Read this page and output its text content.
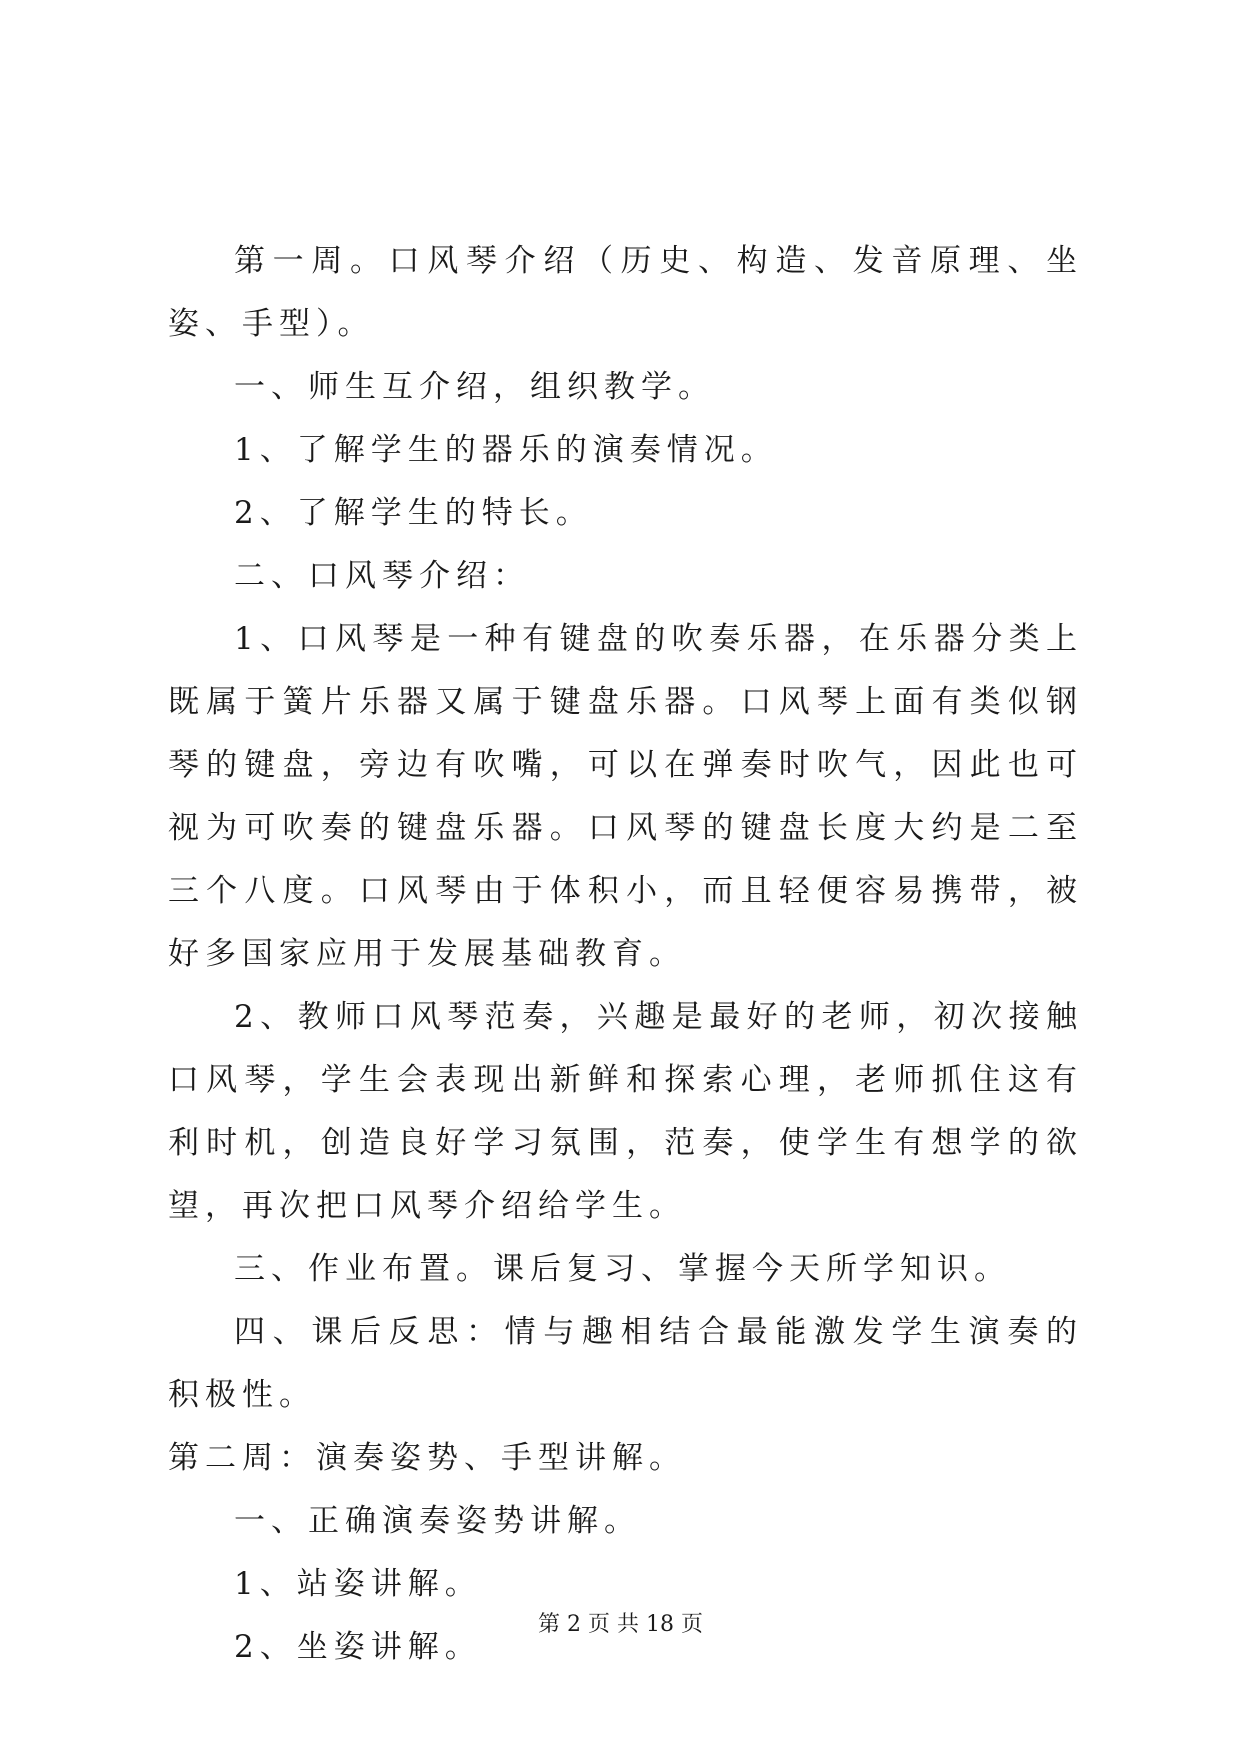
第一周。口风琴介绍（历史、构造、发音原理、坐姿、手型）。

一、师生互介绍，组织教学。

1、了解学生的器乐的演奏情况。

2、了解学生的特长。

二、口风琴介绍：

1、口风琴是一种有键盘的吹奏乐器，在乐器分类上既属于簧片乐器又属于键盘乐器。口风琴上面有类似钢琴的键盘，旁边有吹嘴，可以在弹奏时吹气，因此也可视为可吹奏的键盘乐器。口风琴的键盘长度大约是二至三个八度。口风琴由于体积小，而且轻便容易携带，被好多国家应用于发展基础教育。

2、教师口风琴范奏，兴趣是最好的老师，初次接触口风琴，学生会表现出新鲜和探索心理，老师抓住这有利时机，创造良好学习氛围，范奏，使学生有想学的欲望，再次把口风琴介绍给学生。

三、作业布置。课后复习、掌握今天所学知识。

四、课后反思：情与趣相结合最能激发学生演奏的积极性。

第二周：演奏姿势、手型讲解。

一、正确演奏姿势讲解。

1、站姿讲解。

2、坐姿讲解。

第 2 页 共 18 页
